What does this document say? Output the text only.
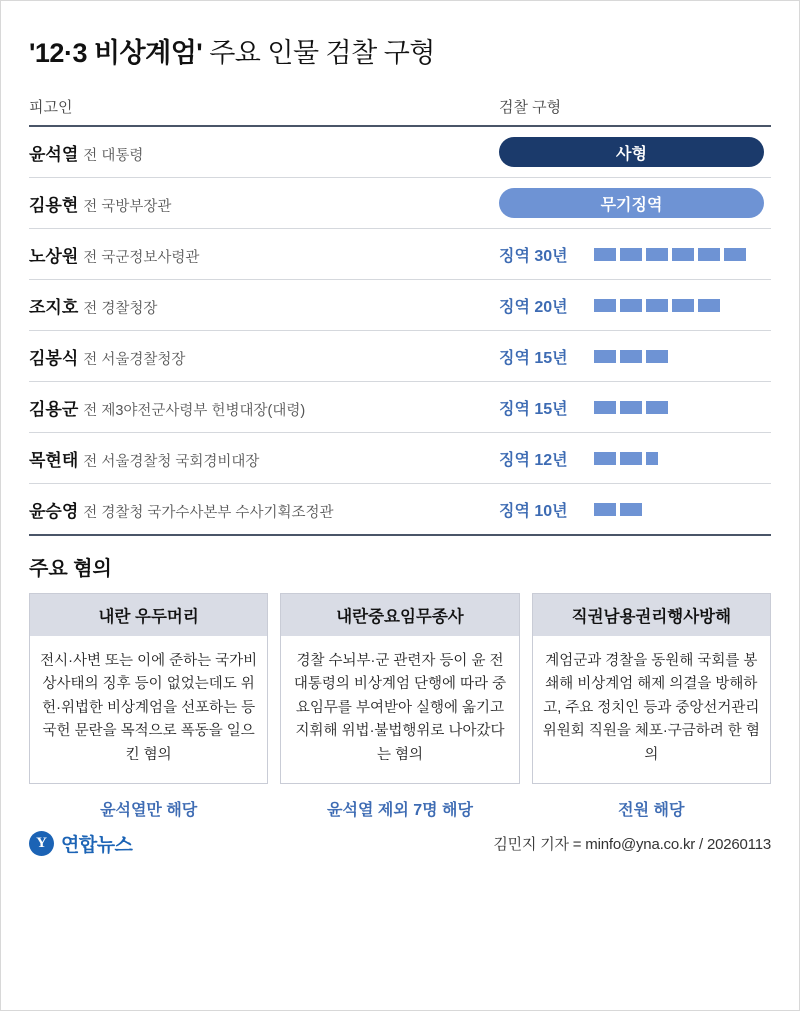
'12·3 비상계엄' 주요 인물 검찰 구형
피고인	검찰 구형
윤석열 전 대통령	사형
김용현 전 국방부장관	무기징역
노상원 전 국군정보사령관	징역 30년
조지호 전 경찰청장	징역 20년
김봉식 전 서울경찰청장	징역 15년
김용군 전 제3야전군사령부 헌병대장(대령)	징역 15년
목현태 전 서울경찰청 국회경비대장	징역 12년
윤승영 전 경찰청 국가수사본부 수사기획조정관	징역 10년
주요 혐의
내란 우두머리
전시·사변 또는 이에 준하는 국가비상사태의 징후 등이 없었는데도 위헌·위법한 비상계엄을 선포하는 등 국헌 문란을 목적으로 폭동을 일으킨 혐의
내란중요임무종사
경찰 수뇌부·군 관련자 등이 윤 전 대통령의 비상계엄 단행에 따라 중요임무를 부여받아 실행에 옮기고 지휘해 위법·불법행위로 나아갔다는 혐의
직권남용권리행사방해
계엄군과 경찰을 동원해 국회를 봉쇄해 비상계엄 해제 의결을 방해하고, 주요 정치인 등과 중앙선거관리위원회 직원을 체포·구금하려 한 혐의
윤석열만 해당	윤석열 제외 7명 해당	전원 해당
Y 연합뉴스	김민지 기자 = minfo@yna.co.kr / 20260113
